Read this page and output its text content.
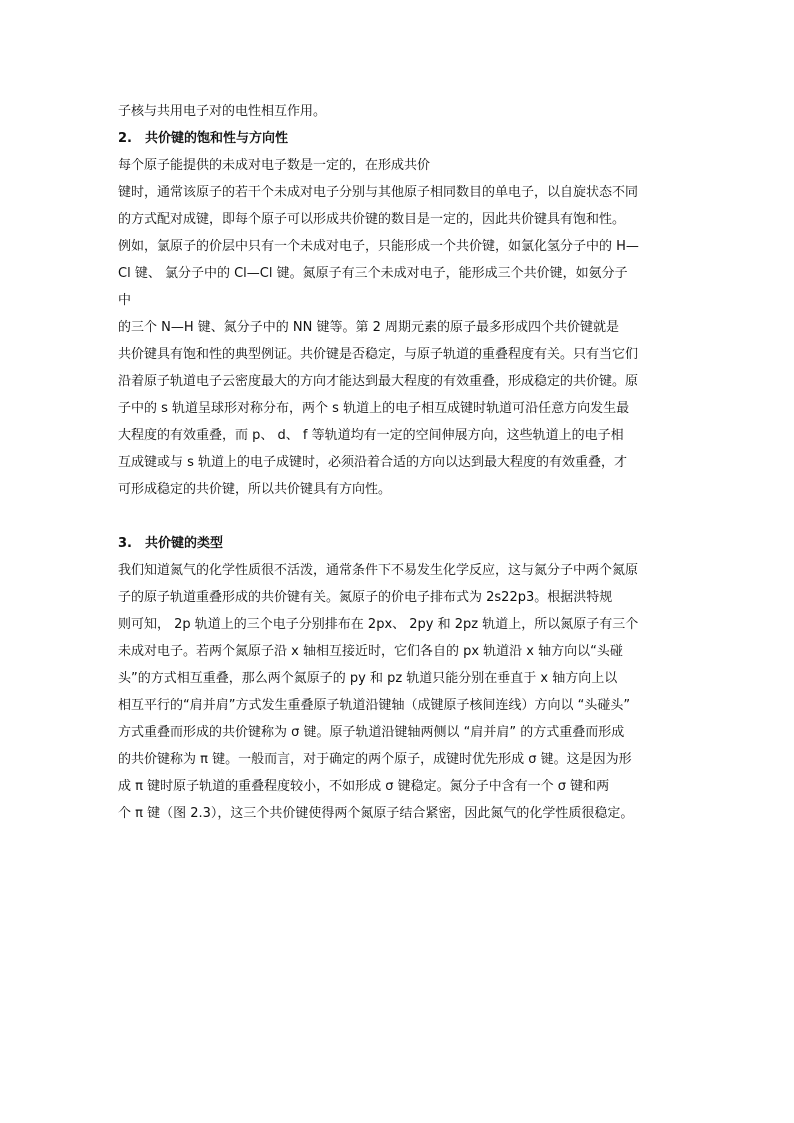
子核与共用电子对的电性相互作用。
2.　共价键的饱和性与方向性
每个原子能提供的未成对电子数是一定的，在形成共价
键时，通常该原子的若干个未成对电子分别与其他原子相同数目的单电子，以自旋状态不同
的方式配对成键，即每个原子可以形成共价键的数目是一定的，因此共价键具有饱和性。
例如，氯原子的价层中只有一个未成对电子，只能形成一个共价键，如氯化氢分子中的 H—
Cl 键、 氯分子中的 Cl—Cl 键。氮原子有三个未成对电子，能形成三个共价键，如氨分子
中
的三个 N—H 键、氮分子中的 NN 键等。第 2 周期元素的原子最多形成四个共价键就是
共价键具有饱和性的典型例证。共价键是否稳定，与原子轨道的重叠程度有关。只有当它们
沿着原子轨道电子云密度最大的方向才能达到最大程度的有效重叠，形成稳定的共价键。原
子中的 s 轨道呈球形对称分布，两个 s 轨道上的电子相互成键时轨道可沿任意方向发生最
大程度的有效重叠，而 p、 d、 f 等轨道均有一定的空间伸展方向，这些轨道上的电子相
互成键或与 s 轨道上的电子成键时，必须沿着合适的方向以达到最大程度的有效重叠，才
可形成稳定的共价键，所以共价键具有方向性。
3.　共价键的类型
我们知道氮气的化学性质很不活泼，通常条件下不易发生化学反应，这与氮分子中两个氮原
子的原子轨道重叠形成的共价键有关。氮原子的价电子排布式为 2s22p3。根据洪特规
则可知， 2p 轨道上的三个电子分别排布在 2px、 2py 和 2pz 轨道上，所以氮原子有三个
未成对电子。若两个氮原子沿 x 轴相互接近时，它们各自的 px 轨道沿 x 轴方向以“头碰
头”的方式相互重叠，那么两个氮原子的 py 和 pz 轨道只能分别在垂直于 x 轴方向上以
相互平行的“肩并肩”方式发生重叠原子轨道沿键轴（成键原子核间连线）方向以 “头碰头”
方式重叠而形成的共价键称为 σ 键。原子轨道沿键轴两侧以 “肩并肩” 的方式重叠而形成
的共价键称为 π 键。一般而言，对于确定的两个原子，成键时优先形成 σ 键。这是因为形
成 π 键时原子轨道的重叠程度较小，不如形成 σ 键稳定。氮分子中含有一个 σ 键和两
个 π 键（图 2.3），这三个共价键使得两个氮原子结合紧密，因此氮气的化学性质很稳定。
